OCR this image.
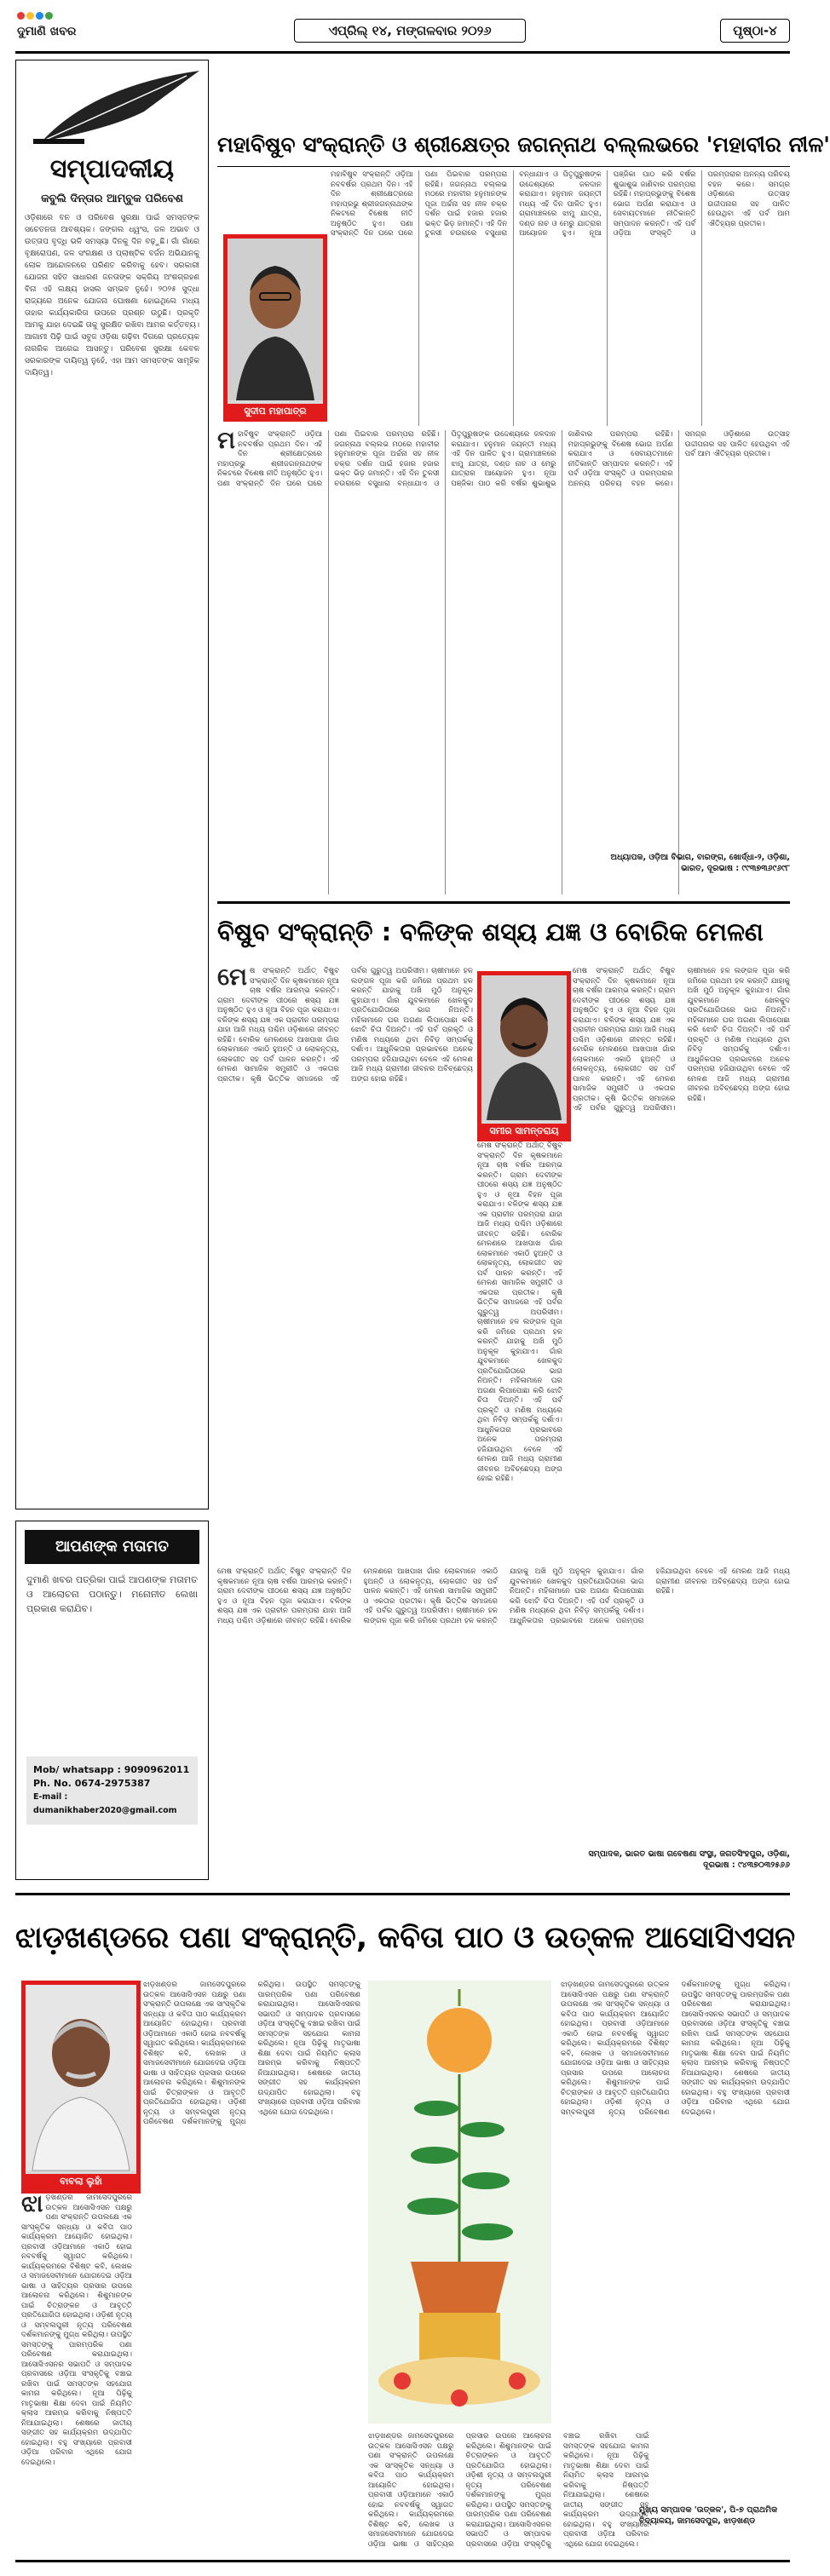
ଦୁମାଣି ଖବର	ଏପ୍ରିଲ୍ ୧୪, ମଙ୍ଗଳବାର ୨୦୨୬	ପୃଷ୍ଠା-୪
ସମ୍ପାଦକୀୟ
କବୁଲି ଦିନ୍ତାର ଆମ୍ବୁକ ପରିବେଶ
ଓଡ଼ିଶାରେ ବନ ଓ ପରିବେଶ ସୁରକ୍ଷା ପାଇଁ ସମସ୍ତଙ୍କ ସଚେତନତା ଆବଶ୍ୟକ। ଜଙ୍ଗଲ ଧ୍ୱଂସ, ଜଳ ଅଭାବ ଓ ଉତ୍ତାପ ବୃଦ୍ଧି ଭଳି ସମସ୍ୟା ଦିନକୁ ଦିନ ବଢ଼ୁଛି। ଗାଁ ଗାଁରେ ବୃକ୍ଷରୋପଣ, ଜଳ ସଂରକ୍ଷଣ ଓ ପ୍ଲାଷ୍ଟିକ ବର୍ଜନ ଅଭିଯାନକୁ ଲୋକ ଆନ୍ଦୋଳନରେ ପରିଣତ କରିବାକୁ ହେବ। ସରକାରୀ ଯୋଜନା ସହିତ ସାଧାରଣ ଜନତାଙ୍କ ସକ୍ରିୟ ଅଂଶଗ୍ରହଣ ବିନା ଏହି ଲକ୍ଷ୍ୟ ହାସଲ ସମ୍ଭବ ନୁହେଁ। ୨୦୨୫ ସୁଦ୍ଧା ରାଜ୍ୟରେ ଅନେକ ଯୋଜନା ଘୋଷଣା ହୋଇଥିଲେ ମଧ୍ୟ ତାହାର କାର୍ଯ୍ୟକାରିତା ଉପରେ ପ୍ରଶ୍ନ ଉଠୁଛି। ପ୍ରକୃତି ଆମକୁ ଯାହା ଦେଇଛି ତାକୁ ସୁରକ୍ଷିତ ରଖିବା ଆମର କର୍ତ୍ତବ୍ୟ। ଆଗାମୀ ପିଢ଼ି ପାଇଁ ସବୁଜ ଓଡ଼ିଶା ଗଢ଼ିବା ଦିଗରେ ପ୍ରତ୍ୟେକ ନାଗରିକ ଆଗେଇ ଆସନ୍ତୁ। ପରିବେଶ ସୁରକ୍ଷା କେବଳ ସରକାରଙ୍କ ଦାୟିତ୍ୱ ନୁହେଁ, ଏହା ଆମ ସମସ୍ତଙ୍କ ସାମୂହିକ ଦାୟିତ୍ୱ।
ଆପଣଙ୍କ ମତାମତ
ଦୁମାଣି ଖବର ପତ୍ରିକା ପାଇଁ ଆପଣଙ୍କ ମତାମତ ଓ ଆଲୋଚନା ପଠାନ୍ତୁ। ମନୋନୀତ ଲେଖା ପ୍ରକାଶ କରାଯିବ।
Mob/ whatsapp : 9090962011
Ph. No. 0674-2975387
E-mail : dumanikhaber2020@gmail.com
ମହାବିଷୁବ ସଂକ୍ରାନ୍ତି ଓ ଶ୍ରୀକ୍ଷେତ୍ର ଜଗନ୍ନାଥ ବଲ୍ଲଭରେ 'ମହାବୀର ନୀଳ'
ସୁଦୀପ ମହାପାତ୍ର
ମହାବିଷୁବ ସଂକ୍ରାନ୍ତି ଓଡ଼ିଆ ନବବର୍ଷର ପ୍ରଥମ ଦିନ। ଏହି ଦିନ ଶ୍ରୀକ୍ଷେତ୍ରରେ ମହାପ୍ରଭୁ ଶ୍ରୀଜଗନ୍ନାଥଙ୍କ ନିକଟରେ ବିଶେଷ ନୀତି ଅନୁଷ୍ଠିତ ହୁଏ। ପଣା ସଂକ୍ରାନ୍ତି ଦିନ ଘରେ ଘରେ ପଣା ପିଇବାର ପରମ୍ପରା ରହିଛି। ଜଗନ୍ନାଥ ବଲ୍ଲଭ ମଠରେ ମହାବୀର ହନୁମାନଙ୍କ ପୂଜା ଅର୍ଚ୍ଚନା ସହ ନୀଳ ଚକ୍ର ଦର୍ଶନ ପାଇଁ ହଜାର ହଜାର ଭକ୍ତ ଭିଡ଼ ଜମାନ୍ତି। ଏହି ଦିନ ତୁଳସୀ ଚଉରାରେ ବସୁଧାରା ବନ୍ଧାଯାଏ ଓ ପିତୃପୁରୁଷଙ୍କ ଉଦ୍ଦେଶ୍ୟରେ ଜଳଦାନ କରାଯାଏ। ହନୁମାନ ଜୟନ୍ତୀ ମଧ୍ୟ ଏହି ଦିନ ପାଳିତ ହୁଏ। ଗ୍ରାମାଞ୍ଚଳରେ ଝାମୁ ଯାତ୍ରା, ଦଣ୍ଡ ନାଚ ଓ ମେରୁ ଯାତ୍ରାର ଆୟୋଜନ ହୁଏ। ନୂଆ ପଞ୍ଜିକା ପାଠ କରି ବର୍ଷର ଶୁଭାଶୁଭ ଜାଣିବାର ପରମ୍ପରା ରହିଛି। ମହାପ୍ରଭୁଙ୍କୁ ବିଶେଷ ଭୋଗ ଅର୍ପଣ କରାଯାଏ ଓ ସେବାୟତମାନେ ନୀତିକାନ୍ତି ସମ୍ପାଦନ କରନ୍ତି। ଏହି ପର୍ବ ଓଡ଼ିଆ ସଂସ୍କୃତି ଓ ପରମ୍ପରାର ଅନନ୍ୟ ପରିଚୟ ବହନ କରେ। ସମଗ୍ର ଓଡ଼ିଶାରେ ଉତ୍ସାହ ଉଦ୍ଦୀପନାର ସହ ପାଳିତ ହେଉଥିବା ଏହି ପର୍ବ ଆମ ଐତିହ୍ୟର ପ୍ରତୀକ।
ମହାବିଷୁବ ସଂକ୍ରାନ୍ତି ଓଡ଼ିଆ ନବବର୍ଷର ପ୍ରଥମ ଦିନ। ଏହି ଦିନ ଶ୍ରୀକ୍ଷେତ୍ରରେ ମହାପ୍ରଭୁ ଶ୍ରୀଜଗନ୍ନାଥଙ୍କ ନିକଟରେ ବିଶେଷ ନୀତି ଅନୁଷ୍ଠିତ ହୁଏ। ପଣା ସଂକ୍ରାନ୍ତି ଦିନ ଘରେ ଘରେ ପଣା ପିଇବାର ପରମ୍ପରା ରହିଛି। ଜଗନ୍ନାଥ ବଲ୍ଲଭ ମଠରେ ମହାବୀର ହନୁମାନଙ୍କ ପୂଜା ଅର୍ଚ୍ଚନା ସହ ନୀଳ ଚକ୍ର ଦର୍ଶନ ପାଇଁ ହଜାର ହଜାର ଭକ୍ତ ଭିଡ଼ ଜମାନ୍ତି। ଏହି ଦିନ ତୁଳସୀ ଚଉରାରେ ବସୁଧାରା ବନ୍ଧାଯାଏ ଓ ପିତୃପୁରୁଷଙ୍କ ଉଦ୍ଦେଶ୍ୟରେ ଜଳଦାନ କରାଯାଏ। ହନୁମାନ ଜୟନ୍ତୀ ମଧ୍ୟ ଏହି ଦିନ ପାଳିତ ହୁଏ। ଗ୍ରାମାଞ୍ଚଳରେ ଝାମୁ ଯାତ୍ରା, ଦଣ୍ଡ ନାଚ ଓ ମେରୁ ଯାତ୍ରାର ଆୟୋଜନ ହୁଏ। ନୂଆ ପଞ୍ଜିକା ପାଠ କରି ବର୍ଷର ଶୁଭାଶୁଭ ଜାଣିବାର ପରମ୍ପରା ରହିଛି। ମହାପ୍ରଭୁଙ୍କୁ ବିଶେଷ ଭୋଗ ଅର୍ପଣ କରାଯାଏ ଓ ସେବାୟତମାନେ ନୀତିକାନ୍ତି ସମ୍ପାଦନ କରନ୍ତି। ଏହି ପର୍ବ ଓଡ଼ିଆ ସଂସ୍କୃତି ଓ ପରମ୍ପରାର ଅନନ୍ୟ ପରିଚୟ ବହନ କରେ। ସମଗ୍ର ଓଡ଼ିଶାରେ ଉତ୍ସାହ ଉଦ୍ଦୀପନାର ସହ ପାଳିତ ହେଉଥିବା ଏହି ପର୍ବ ଆମ ଐତିହ୍ୟର ପ୍ରତୀକ।
ଅଧ୍ୟାପକ, ଓଡ଼ିଆ ବିଭାଗ, ବାରଙ୍ଗ, ଖୋର୍ଦ୍ଧା-୨, ଓଡ଼ିଶା, ଭାରତ, ଦୂରଭାଷ : ୯୯୩୭୩୬୯୬୯୮
ବିଷୁବ ସଂକ୍ରାନ୍ତି : ବଳିଙ୍କ ଶସ୍ୟ ଯଜ୍ଞ ଓ ବୋରିକ ମେଳଣ
ମେଷ ସଂକ୍ରାନ୍ତି ଅର୍ଥାତ୍ ବିଷୁବ ସଂକ୍ରାନ୍ତି ଦିନ କୃଷକମାନେ ନୂଆ ଚାଷ ବର୍ଷର ଆରମ୍ଭ କରନ୍ତି। ଗ୍ରାମ ଦେବୀଙ୍କ ପୀଠରେ ଶସ୍ୟ ଯଜ୍ଞ ଅନୁଷ୍ଠିତ ହୁଏ ଓ ନୂଆ ବିହନ ପୂଜା କରାଯାଏ। ବଳିଙ୍କ ଶସ୍ୟ ଯଜ୍ଞ ଏକ ପ୍ରାଚୀନ ପରମ୍ପରା ଯାହା ଆଜି ମଧ୍ୟ ପଶ୍ଚିମ ଓଡ଼ିଶାରେ ଜୀବନ୍ତ ରହିଛି। ବୋରିକ ମେଳଣରେ ଆଖପାଖ ଗାଁର ଲୋକମାନେ ଏକାଠି ହୁଅନ୍ତି ଓ ଲୋକନୃତ୍ୟ, ଲୋକଗୀତ ସହ ପର୍ବ ପାଳନ କରନ୍ତି। ଏହି ମେଳଣ ସାମାଜିକ ସମ୍ପ୍ରୀତି ଓ ଏକତାର ପ୍ରତୀକ। କୃଷି ଭିତ୍ତିକ ସମାଜରେ ଏହି ପର୍ବର ଗୁରୁତ୍ୱ ଅପରିସୀମ। ଚାଷୀମାନେ ହଳ ଲଙ୍ଗଳ ପୂଜା କରି ଜମିରେ ପ୍ରଥମ ହଳ କରନ୍ତି ଯାହାକୁ ଅଖି ମୁଠି ଅନୁକୂଳ କୁହାଯାଏ। ଗାଁର ଯୁବକମାନେ ଖେଳକୁଦ ପ୍ରତିଯୋଗିତାରେ ଭାଗ ନିଅନ୍ତି। ମହିଳାମାନେ ଘର ଅଗଣା ଲିପାପୋଛା କରି ଝୋଟି ଚିତା ଦିଅନ୍ତି। ଏହି ପର୍ବ ପ୍ରକୃତି ଓ ମଣିଷ ମଧ୍ୟରେ ଥିବା ନିବିଡ଼ ସମ୍ପର୍କକୁ ଦର୍ଶାଏ। ଆଧୁନିକତାର ପ୍ରଭାବରେ ଅନେକ ପରମ୍ପରା ହଜିଯାଉଥିବା ବେଳେ ଏହି ମେଳଣ ଆଜି ମଧ୍ୟ ଗ୍ରାମୀଣ ଜୀବନର ଅବିଚ୍ଛେଦ୍ୟ ଅଙ୍ଗ ହୋଇ ରହିଛି।
ସମୀର ସାମନ୍ତରାୟ
ମେଷ ସଂକ୍ରାନ୍ତି ଅର୍ଥାତ୍ ବିଷୁବ ସଂକ୍ରାନ୍ତି ଦିନ କୃଷକମାନେ ନୂଆ ଚାଷ ବର୍ଷର ଆରମ୍ଭ କରନ୍ତି। ଗ୍ରାମ ଦେବୀଙ୍କ ପୀଠରେ ଶସ୍ୟ ଯଜ୍ଞ ଅନୁଷ୍ଠିତ ହୁଏ ଓ ନୂଆ ବିହନ ପୂଜା କରାଯାଏ। ବଳିଙ୍କ ଶସ୍ୟ ଯଜ୍ଞ ଏକ ପ୍ରାଚୀନ ପରମ୍ପରା ଯାହା ଆଜି ମଧ୍ୟ ପଶ୍ଚିମ ଓଡ଼ିଶାରେ ଜୀବନ୍ତ ରହିଛି। ବୋରିକ ମେଳଣରେ ଆଖପାଖ ଗାଁର ଲୋକମାନେ ଏକାଠି ହୁଅନ୍ତି ଓ ଲୋକନୃତ୍ୟ, ଲୋକଗୀତ ସହ ପର୍ବ ପାଳନ କରନ୍ତି। ଏହି ମେଳଣ ସାମାଜିକ ସମ୍ପ୍ରୀତି ଓ ଏକତାର ପ୍ରତୀକ। କୃଷି ଭିତ୍ତିକ ସମାଜରେ ଏହି ପର୍ବର ଗୁରୁତ୍ୱ ଅପରିସୀମ। ଚାଷୀମାନେ ହଳ ଲଙ୍ଗଳ ପୂଜା କରି ଜମିରେ ପ୍ରଥମ ହଳ କରନ୍ତି ଯାହାକୁ ଅଖି ମୁଠି ଅନୁକୂଳ କୁହାଯାଏ। ଗାଁର ଯୁବକମାନେ ଖେଳକୁଦ ପ୍ରତିଯୋଗିତାରେ ଭାଗ ନିଅନ୍ତି। ମହିଳାମାନେ ଘର ଅଗଣା ଲିପାପୋଛା କରି ଝୋଟି ଚିତା ଦିଅନ୍ତି। ଏହି ପର୍ବ ପ୍ରକୃତି ଓ ମଣିଷ ମଧ୍ୟରେ ଥିବା ନିବିଡ଼ ସମ୍ପର୍କକୁ ଦର୍ଶାଏ। ଆଧୁନିକତାର ପ୍ରଭାବରେ ଅନେକ ପରମ୍ପରା ହଜିଯାଉଥିବା ବେଳେ ଏହି ମେଳଣ ଆଜି ମଧ୍ୟ ଗ୍ରାମୀଣ ଜୀବନର ଅବିଚ୍ଛେଦ୍ୟ ଅଙ୍ଗ ହୋଇ ରହିଛି।
ମେଷ ସଂକ୍ରାନ୍ତି ଅର୍ଥାତ୍ ବିଷୁବ ସଂକ୍ରାନ୍ତି ଦିନ କୃଷକମାନେ ନୂଆ ଚାଷ ବର୍ଷର ଆରମ୍ଭ କରନ୍ତି। ଗ୍ରାମ ଦେବୀଙ୍କ ପୀଠରେ ଶସ୍ୟ ଯଜ୍ଞ ଅନୁଷ୍ଠିତ ହୁଏ ଓ ନୂଆ ବିହନ ପୂଜା କରାଯାଏ। ବଳିଙ୍କ ଶସ୍ୟ ଯଜ୍ଞ ଏକ ପ୍ରାଚୀନ ପରମ୍ପରା ଯାହା ଆଜି ମଧ୍ୟ ପଶ୍ଚିମ ଓଡ଼ିଶାରେ ଜୀବନ୍ତ ରହିଛି। ବୋରିକ ମେଳଣରେ ଆଖପାଖ ଗାଁର ଲୋକମାନେ ଏକାଠି ହୁଅନ୍ତି ଓ ଲୋକନୃତ୍ୟ, ଲୋକଗୀତ ସହ ପର୍ବ ପାଳନ କରନ୍ତି। ଏହି ମେଳଣ ସାମାଜିକ ସମ୍ପ୍ରୀତି ଓ ଏକତାର ପ୍ରତୀକ। କୃଷି ଭିତ୍ତିକ ସମାଜରେ ଏହି ପର୍ବର ଗୁରୁତ୍ୱ ଅପରିସୀମ। ଚାଷୀମାନେ ହଳ ଲଙ୍ଗଳ ପୂଜା କରି ଜମିରେ ପ୍ରଥମ ହଳ କରନ୍ତି ଯାହାକୁ ଅଖି ମୁଠି ଅନୁକୂଳ କୁହାଯାଏ। ଗାଁର ଯୁବକମାନେ ଖେଳକୁଦ ପ୍ରତିଯୋଗିତାରେ ଭାଗ ନିଅନ୍ତି। ମହିଳାମାନେ ଘର ଅଗଣା ଲିପାପୋଛା କରି ଝୋଟି ଚିତା ଦିଅନ୍ତି। ଏହି ପର୍ବ ପ୍ରକୃତି ଓ ମଣିଷ ମଧ୍ୟରେ ଥିବା ନିବିଡ଼ ସମ୍ପର୍କକୁ ଦର୍ଶାଏ। ଆଧୁନିକତାର ପ୍ରଭାବରେ ଅନେକ ପରମ୍ପରା ହଜିଯାଉଥିବା ବେଳେ ଏହି ମେଳଣ ଆଜି ମଧ୍ୟ ଗ୍ରାମୀଣ ଜୀବନର ଅବିଚ୍ଛେଦ୍ୟ ଅଙ୍ଗ ହୋଇ ରହିଛି।
ମେଷ ସଂକ୍ରାନ୍ତି ଅର୍ଥାତ୍ ବିଷୁବ ସଂକ୍ରାନ୍ତି ଦିନ କୃଷକମାନେ ନୂଆ ଚାଷ ବର୍ଷର ଆରମ୍ଭ କରନ୍ତି। ଗ୍ରାମ ଦେବୀଙ୍କ ପୀଠରେ ଶସ୍ୟ ଯଜ୍ଞ ଅନୁଷ୍ଠିତ ହୁଏ ଓ ନୂଆ ବିହନ ପୂଜା କରାଯାଏ। ବଳିଙ୍କ ଶସ୍ୟ ଯଜ୍ଞ ଏକ ପ୍ରାଚୀନ ପରମ୍ପରା ଯାହା ଆଜି ମଧ୍ୟ ପଶ୍ଚିମ ଓଡ଼ିଶାରେ ଜୀବନ୍ତ ରହିଛି। ବୋରିକ ମେଳଣରେ ଆଖପାଖ ଗାଁର ଲୋକମାନେ ଏକାଠି ହୁଅନ୍ତି ଓ ଲୋକନୃତ୍ୟ, ଲୋକଗୀତ ସହ ପର୍ବ ପାଳନ କରନ୍ତି। ଏହି ମେଳଣ ସାମାଜିକ ସମ୍ପ୍ରୀତି ଓ ଏକତାର ପ୍ରତୀକ। କୃଷି ଭିତ୍ତିକ ସମାଜରେ ଏହି ପର୍ବର ଗୁରୁତ୍ୱ ଅପରିସୀମ। ଚାଷୀମାନେ ହଳ ଲଙ୍ଗଳ ପୂଜା କରି ଜମିରେ ପ୍ରଥମ ହଳ କରନ୍ତି ଯାହାକୁ ଅଖି ମୁଠି ଅନୁକୂଳ କୁହାଯାଏ। ଗାଁର ଯୁବକମାନେ ଖେଳକୁଦ ପ୍ରତିଯୋଗିତାରେ ଭାଗ ନିଅନ୍ତି। ମହିଳାମାନେ ଘର ଅଗଣା ଲିପାପୋଛା କରି ଝୋଟି ଚିତା ଦିଅନ୍ତି। ଏହି ପର୍ବ ପ୍ରକୃତି ଓ ମଣିଷ ମଧ୍ୟରେ ଥିବା ନିବିଡ଼ ସମ୍ପର୍କକୁ ଦର୍ଶାଏ। ଆଧୁନିକତାର ପ୍ରଭାବରେ ଅନେକ ପରମ୍ପରା ହଜିଯାଉଥିବା ବେଳେ ଏହି ମେଳଣ ଆଜି ମଧ୍ୟ ଗ୍ରାମୀଣ ଜୀବନର ଅବିଚ୍ଛେଦ୍ୟ ଅଙ୍ଗ ହୋଇ ରହିଛି।
ସମ୍ପାଦକ, ଭାରତ ଭାଷା ଗବେଷଣା ସଂସ୍ଥା, ଜଗତସିଂହପୁର, ଓଡ଼ିଶା, ଦୂରଭାଷ : ୯୪୩୭୦୩୨୫୬୬
ଝାଡ଼ଖଣ୍ଡରେ ପଣା ସଂକ୍ରାନ୍ତି, କବିତା ପାଠ ଓ ଉତ୍କଳ ଆସୋସିଏସନ
ବାବଲା ଲୁହାଁ
ଝାଡ଼ଖଣ୍ଡର ଜାମସେଦପୁରରେ ଉତ୍କଳ ଆସୋସିଏସନ ପକ୍ଷରୁ ପଣା ସଂକ୍ରାନ୍ତି ଉପଲକ୍ଷେ ଏକ ସାଂସ୍କୃତିକ ସନ୍ଧ୍ୟା ଓ କବିତା ପାଠ କାର୍ଯ୍ୟକ୍ରମ ଆୟୋଜିତ ହୋଇଥିଲା। ପ୍ରବାସୀ ଓଡ଼ିଆମାନେ ଏକାଠି ହୋଇ ନବବର୍ଷକୁ ସ୍ୱାଗତ କରିଥିଲେ। କାର୍ଯ୍ୟକ୍ରମରେ ବିଶିଷ୍ଟ କବି, ଲେଖକ ଓ ସମାଜସେବୀମାନେ ଯୋଗଦେଇ ଓଡ଼ିଆ ଭାଷା ଓ ସାହିତ୍ୟର ପ୍ରସାର ଉପରେ ଆଲୋଚନା କରିଥିଲେ। ଶିଶୁମାନଙ୍କ ପାଇଁ ଚିତ୍ରାଙ୍କନ ଓ ଆବୃତ୍ତି ପ୍ରତିଯୋଗିତା ହୋଇଥିଲା। ଓଡ଼ିଶୀ ନୃତ୍ୟ ଓ ସମ୍ବଲପୁରୀ ନୃତ୍ୟ ପରିବେଷଣ ଦର୍ଶକମାନଙ୍କୁ ମୁଗ୍ଧ କରିଥିଲା। ଉପସ୍ଥିତ ସମସ୍ତଙ୍କୁ ପାରମ୍ପରିକ ପଣା ପରିବେଷଣ କରାଯାଇଥିଲା। ଆସୋସିଏସନର ସଭାପତି ଓ ସମ୍ପାଦକ ପ୍ରବାସରେ ଓଡ଼ିଆ ସଂସ୍କୃତିକୁ ବଞ୍ଚାଇ ରଖିବା ପାଇଁ ସମସ୍ତଙ୍କ ସହଯୋଗ କାମନା କରିଥିଲେ। ନୂଆ ପିଢ଼ିକୁ ମାତୃଭାଷା ଶିକ୍ଷା ଦେବା ପାଇଁ ନିୟମିତ କ୍ଲାସ ଆରମ୍ଭ କରିବାକୁ ନିଷ୍ପତ୍ତି ନିଆଯାଇଥିଲା। ଶେଷରେ ଜାତୀୟ ସଙ୍ଗୀତ ସହ କାର୍ଯ୍ୟକ୍ରମ ଉଦ୍ଯାପିତ ହୋଇଥିଲା। ବହୁ ସଂଖ୍ୟାରେ ପ୍ରବାସୀ ଓଡ଼ିଆ ପରିବାର ଏଥିରେ ଯୋଗ ଦେଇଥିଲେ।
ଝାଡ଼ଖଣ୍ଡର ଜାମସେଦପୁରରେ ଉତ୍କଳ ଆସୋସିଏସନ ପକ୍ଷରୁ ପଣା ସଂକ୍ରାନ୍ତି ଉପଲକ୍ଷେ ଏକ ସାଂସ୍କୃତିକ ସନ୍ଧ୍ୟା ଓ କବିତା ପାଠ କାର୍ଯ୍ୟକ୍ରମ ଆୟୋଜିତ ହୋଇଥିଲା। ପ୍ରବାସୀ ଓଡ଼ିଆମାନେ ଏକାଠି ହୋଇ ନବବର୍ଷକୁ ସ୍ୱାଗତ କରିଥିଲେ। କାର୍ଯ୍ୟକ୍ରମରେ ବିଶିଷ୍ଟ କବି, ଲେଖକ ଓ ସମାଜସେବୀମାନେ ଯୋଗଦେଇ ଓଡ଼ିଆ ଭାଷା ଓ ସାହିତ୍ୟର ପ୍ରସାର ଉପରେ ଆଲୋଚନା କରିଥିଲେ। ଶିଶୁମାନଙ୍କ ପାଇଁ ଚିତ୍ରାଙ୍କନ ଓ ଆବୃତ୍ତି ପ୍ରତିଯୋଗିତା ହୋଇଥିଲା। ଓଡ଼ିଶୀ ନୃତ୍ୟ ଓ ସମ୍ବଲପୁରୀ ନୃତ୍ୟ ପରିବେଷଣ ଦର୍ଶକମାନଙ୍କୁ ମୁଗ୍ଧ କରିଥିଲା। ଉପସ୍ଥିତ ସମସ୍ତଙ୍କୁ ପାରମ୍ପରିକ ପଣା ପରିବେଷଣ କରାଯାଇଥିଲା। ଆସୋସିଏସନର ସଭାପତି ଓ ସମ୍ପାଦକ ପ୍ରବାସରେ ଓଡ଼ିଆ ସଂସ୍କୃତିକୁ ବଞ୍ଚାଇ ରଖିବା ପାଇଁ ସମସ୍ତଙ୍କ ସହଯୋଗ କାମନା କରିଥିଲେ। ନୂଆ ପିଢ଼ିକୁ ମାତୃଭାଷା ଶିକ୍ଷା ଦେବା ପାଇଁ ନିୟମିତ କ୍ଲାସ ଆରମ୍ଭ କରିବାକୁ ନିଷ୍ପତ୍ତି ନିଆଯାଇଥିଲା। ଶେଷରେ ଜାତୀୟ ସଙ୍ଗୀତ ସହ କାର୍ଯ୍ୟକ୍ରମ ଉଦ୍ଯାପିତ ହୋଇଥିଲା। ବହୁ ସଂଖ୍ୟାରେ ପ୍ରବାସୀ ଓଡ଼ିଆ ପରିବାର ଏଥିରେ ଯୋଗ ଦେଇଥିଲେ।
ଝାଡ଼ଖଣ୍ଡର ଜାମସେଦପୁରରେ ଉତ୍କଳ ଆସୋସିଏସନ ପକ୍ଷରୁ ପଣା ସଂକ୍ରାନ୍ତି ଉପଲକ୍ଷେ ଏକ ସାଂସ୍କୃତିକ ସନ୍ଧ୍ୟା ଓ କବିତା ପାଠ କାର୍ଯ୍ୟକ୍ରମ ଆୟୋଜିତ ହୋଇଥିଲା। ପ୍ରବାସୀ ଓଡ଼ିଆମାନେ ଏକାଠି ହୋଇ ନବବର୍ଷକୁ ସ୍ୱାଗତ କରିଥିଲେ। କାର୍ଯ୍ୟକ୍ରମରେ ବିଶିଷ୍ଟ କବି, ଲେଖକ ଓ ସମାଜସେବୀମାନେ ଯୋଗଦେଇ ଓଡ଼ିଆ ଭାଷା ଓ ସାହିତ୍ୟର ପ୍ରସାର ଉପରେ ଆଲୋଚନା କରିଥିଲେ। ଶିଶୁମାନଙ୍କ ପାଇଁ ଚିତ୍ରାଙ୍କନ ଓ ଆବୃତ୍ତି ପ୍ରତିଯୋଗିତା ହୋଇଥିଲା। ଓଡ଼ିଶୀ ନୃତ୍ୟ ଓ ସମ୍ବଲପୁରୀ ନୃତ୍ୟ ପରିବେଷଣ ଦର୍ଶକମାନଙ୍କୁ ମୁଗ୍ଧ କରିଥିଲା। ଉପସ୍ଥିତ ସମସ୍ତଙ୍କୁ ପାରମ୍ପରିକ ପଣା ପରିବେଷଣ କରାଯାଇଥିଲା। ଆସୋସିଏସନର ସଭାପତି ଓ ସମ୍ପାଦକ ପ୍ରବାସରେ ଓଡ଼ିଆ ସଂସ୍କୃତିକୁ ବଞ୍ଚାଇ ରଖିବା ପାଇଁ ସମସ୍ତଙ୍କ ସହଯୋଗ କାମନା କରିଥିଲେ। ନୂଆ ପିଢ଼ିକୁ ମାତୃଭାଷା ଶିକ୍ଷା ଦେବା ପାଇଁ ନିୟମିତ କ୍ଲାସ ଆରମ୍ଭ କରିବାକୁ ନିଷ୍ପତ୍ତି ନିଆଯାଇଥିଲା। ଶେଷରେ ଜାତୀୟ ସଙ୍ଗୀତ ସହ କାର୍ଯ୍ୟକ୍ରମ ଉଦ୍ଯାପିତ ହୋଇଥିଲା। ବହୁ ସଂଖ୍ୟାରେ ପ୍ରବାସୀ ଓଡ଼ିଆ ପରିବାର ଏଥିରେ ଯୋଗ ଦେଇଥିଲେ।
ଝାଡ଼ଖଣ୍ଡର ଜାମସେଦପୁରରେ ଉତ୍କଳ ଆସୋସିଏସନ ପକ୍ଷରୁ ପଣା ସଂକ୍ରାନ୍ତି ଉପଲକ୍ଷେ ଏକ ସାଂସ୍କୃତିକ ସନ୍ଧ୍ୟା ଓ କବିତା ପାଠ କାର୍ଯ୍ୟକ୍ରମ ଆୟୋଜିତ ହୋଇଥିଲା। ପ୍ରବାସୀ ଓଡ଼ିଆମାନେ ଏକାଠି ହୋଇ ନବବର୍ଷକୁ ସ୍ୱାଗତ କରିଥିଲେ। କାର୍ଯ୍ୟକ୍ରମରେ ବିଶିଷ୍ଟ କବି, ଲେଖକ ଓ ସମାଜସେବୀମାନେ ଯୋଗଦେଇ ଓଡ଼ିଆ ଭାଷା ଓ ସାହିତ୍ୟର ପ୍ରସାର ଉପରେ ଆଲୋଚନା କରିଥିଲେ। ଶିଶୁମାନଙ୍କ ପାଇଁ ଚିତ୍ରାଙ୍କନ ଓ ଆବୃତ୍ତି ପ୍ରତିଯୋଗିତା ହୋଇଥିଲା। ଓଡ଼ିଶୀ ନୃତ୍ୟ ଓ ସମ୍ବଲପୁରୀ ନୃତ୍ୟ ପରିବେଷଣ ଦର୍ଶକମାନଙ୍କୁ ମୁଗ୍ଧ କରିଥିଲା। ଉପସ୍ଥିତ ସମସ୍ତଙ୍କୁ ପାରମ୍ପରିକ ପଣା ପରିବେଷଣ କରାଯାଇଥିଲା। ଆସୋସିଏସନର ସଭାପତି ଓ ସମ୍ପାଦକ ପ୍ରବାସରେ ଓଡ଼ିଆ ସଂସ୍କୃତିକୁ ବଞ୍ଚାଇ ରଖିବା ପାଇଁ ସମସ୍ତଙ୍କ ସହଯୋଗ କାମନା କରିଥିଲେ। ନୂଆ ପିଢ଼ିକୁ ମାତୃଭାଷା ଶିକ୍ଷା ଦେବା ପାଇଁ ନିୟମିତ କ୍ଲାସ ଆରମ୍ଭ କରିବାକୁ ନିଷ୍ପତ୍ତି ନିଆଯାଇଥିଲା। ଶେଷରେ ଜାତୀୟ ସଙ୍ଗୀତ ସହ କାର୍ଯ୍ୟକ୍ରମ ଉଦ୍ଯାପିତ ହୋଇଥିଲା। ବହୁ ସଂଖ୍ୟାରେ ପ୍ରବାସୀ ଓଡ଼ିଆ ପରିବାର ଏଥିରେ ଯୋଗ ଦେଇଥିଲେ।
ମୁଖ୍ୟ ସମ୍ପାଦକ 'ଉତ୍କଳ', ପି-୭ ପ୍ରାଥମିକ ବିଦ୍ୟାଳୟ, ଜାମସେଦପୁର, ଝାଡ଼ଖଣ୍ଡ
